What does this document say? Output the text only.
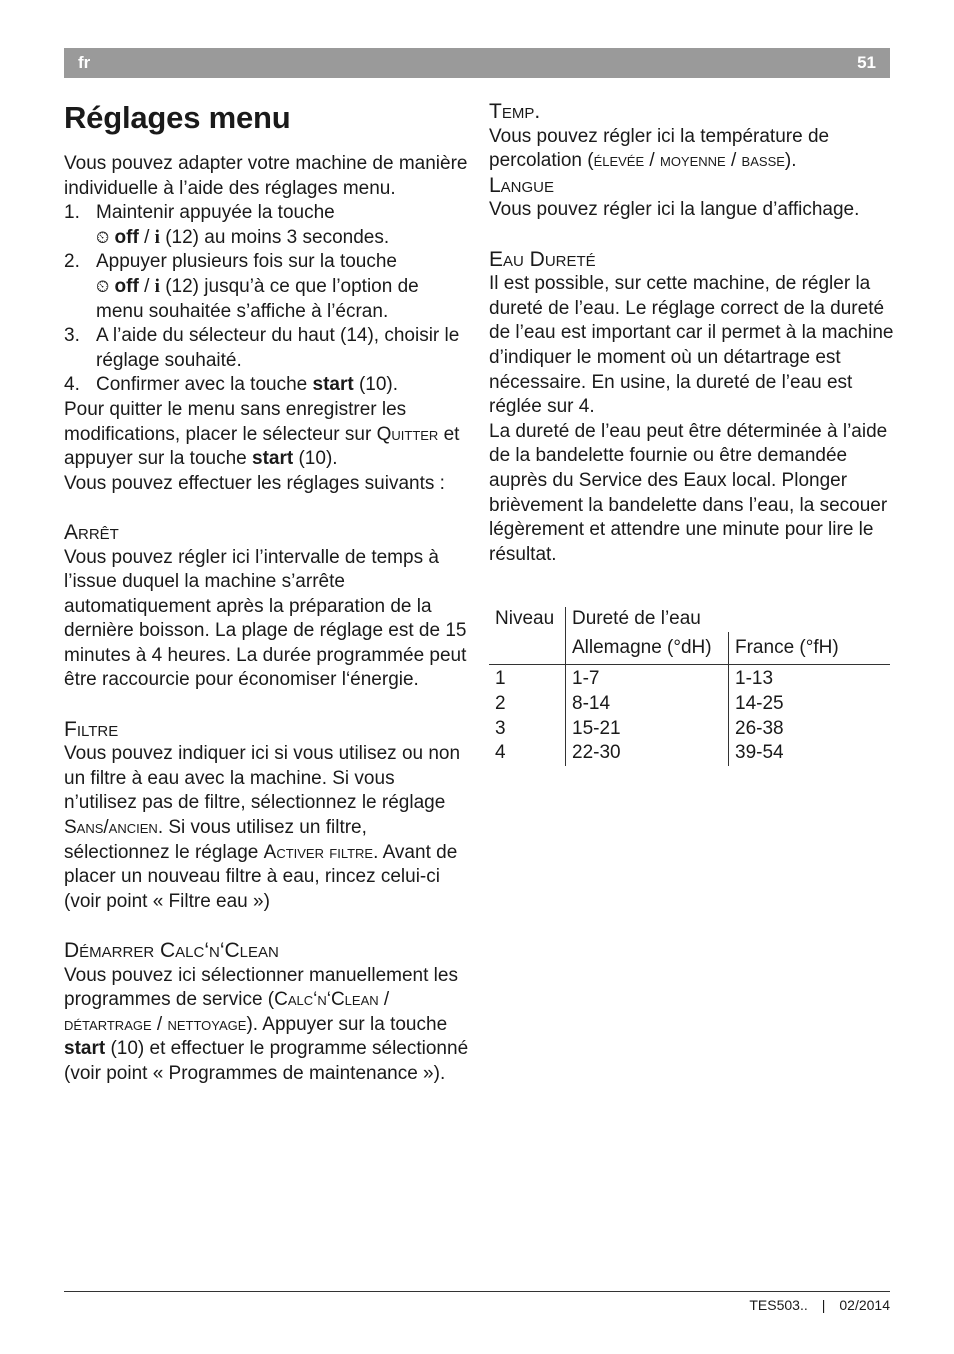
fr	51
Réglages menu

Vous pouvez adapter votre machine de manière individuelle à l’aide des réglages menu.

1. Maintenir appuyée la touche
⏲ off / i (12) au moins 3 secondes.
2. Appuyer plusieurs fois sur la touche
⏲ off / i (12) jusqu’à ce que l’option de menu souhaitée s’affiche à l’écran.
3. A l’aide du sélecteur du haut (14), choisir le réglage souhaité.
4. Confirmer avec la touche start (10).

Pour quitter le menu sans enregistrer les modifications, placer le sélecteur sur Quitter et appuyer sur la touche start (10).

Vous pouvez effectuer les réglages suivants :

Arrêt

Vous pouvez régler ici l’intervalle de temps à l’issue duquel la machine s’arrête automatiquement après la préparation de la dernière boisson. La plage de réglage est de 15 minutes à 4 heures. La durée programmée peut être raccourcie pour économiser l‘énergie.

Filtre

Vous pouvez indiquer ici si vous utilisez ou non un filtre à eau avec la machine. Si vous n’utilisez pas de filtre, sélectionnez le réglage Sans/ancien. Si vous utilisez un filtre, sélectionnez le réglage Activer filtre. Avant de placer un nouveau filtre à eau, rincez celui-ci (voir point « Filtre eau »)

Démarrer Calc‘n‘Clean

Vous pouvez ici sélectionner manuellement les programmes de service (Calc‘n‘Clean / détartrage / nettoyage). Appuyer sur la touche start (10) et effectuer le programme sélectionné (voir point « Programmes de maintenance »).

Temp.

Vous pouvez régler ici la température de percolation (élevée / moyenne / basse).

Langue

Vous pouvez régler ici la langue d’affichage.

Eau Dureté

Il est possible, sur cette machine, de régler la dureté de l’eau. Le réglage correct de la dureté de l’eau est important car il permet à la machine d’indiquer le moment où un détartrage est nécessaire. En usine, la dureté de l’eau est réglée sur 4.

La dureté de l’eau peut être déterminée à l’aide de la bandelette fournie ou être demandée auprès du Service des Eaux local. Plonger brièvement la bandelette dans l’eau, la secouer légèrement et attendre une minute pour lire le résultat.

Niveau	Dureté de l’eau	
	Allemagne (°dH)	France (°fH)
1	1-7	1-13
2	8-14	14-25
3	15-21	26-38
4	22-30	39-54
TES503.. | 02/2014
